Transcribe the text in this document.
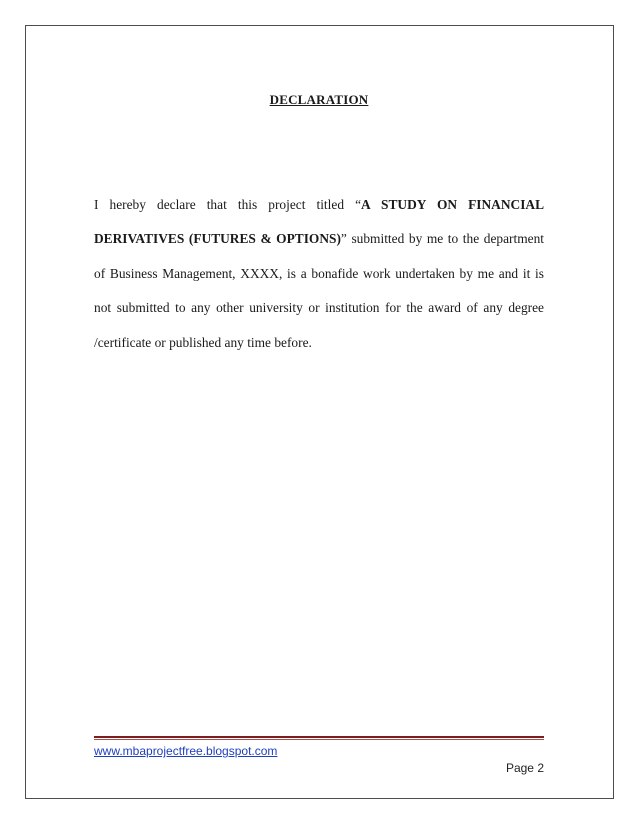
DECLARATION

I hereby declare that this project titled “A STUDY ON FINANCIAL DERIVATIVES (FUTURES & OPTIONS)” submitted by me to the department of Business Management, XXXX, is a bonafide work undertaken by me and it is not submitted to any other university or institution for the award of any degree /certificate or published any time before.

www.mbaprojectfree.blogspot.com
Page 2
